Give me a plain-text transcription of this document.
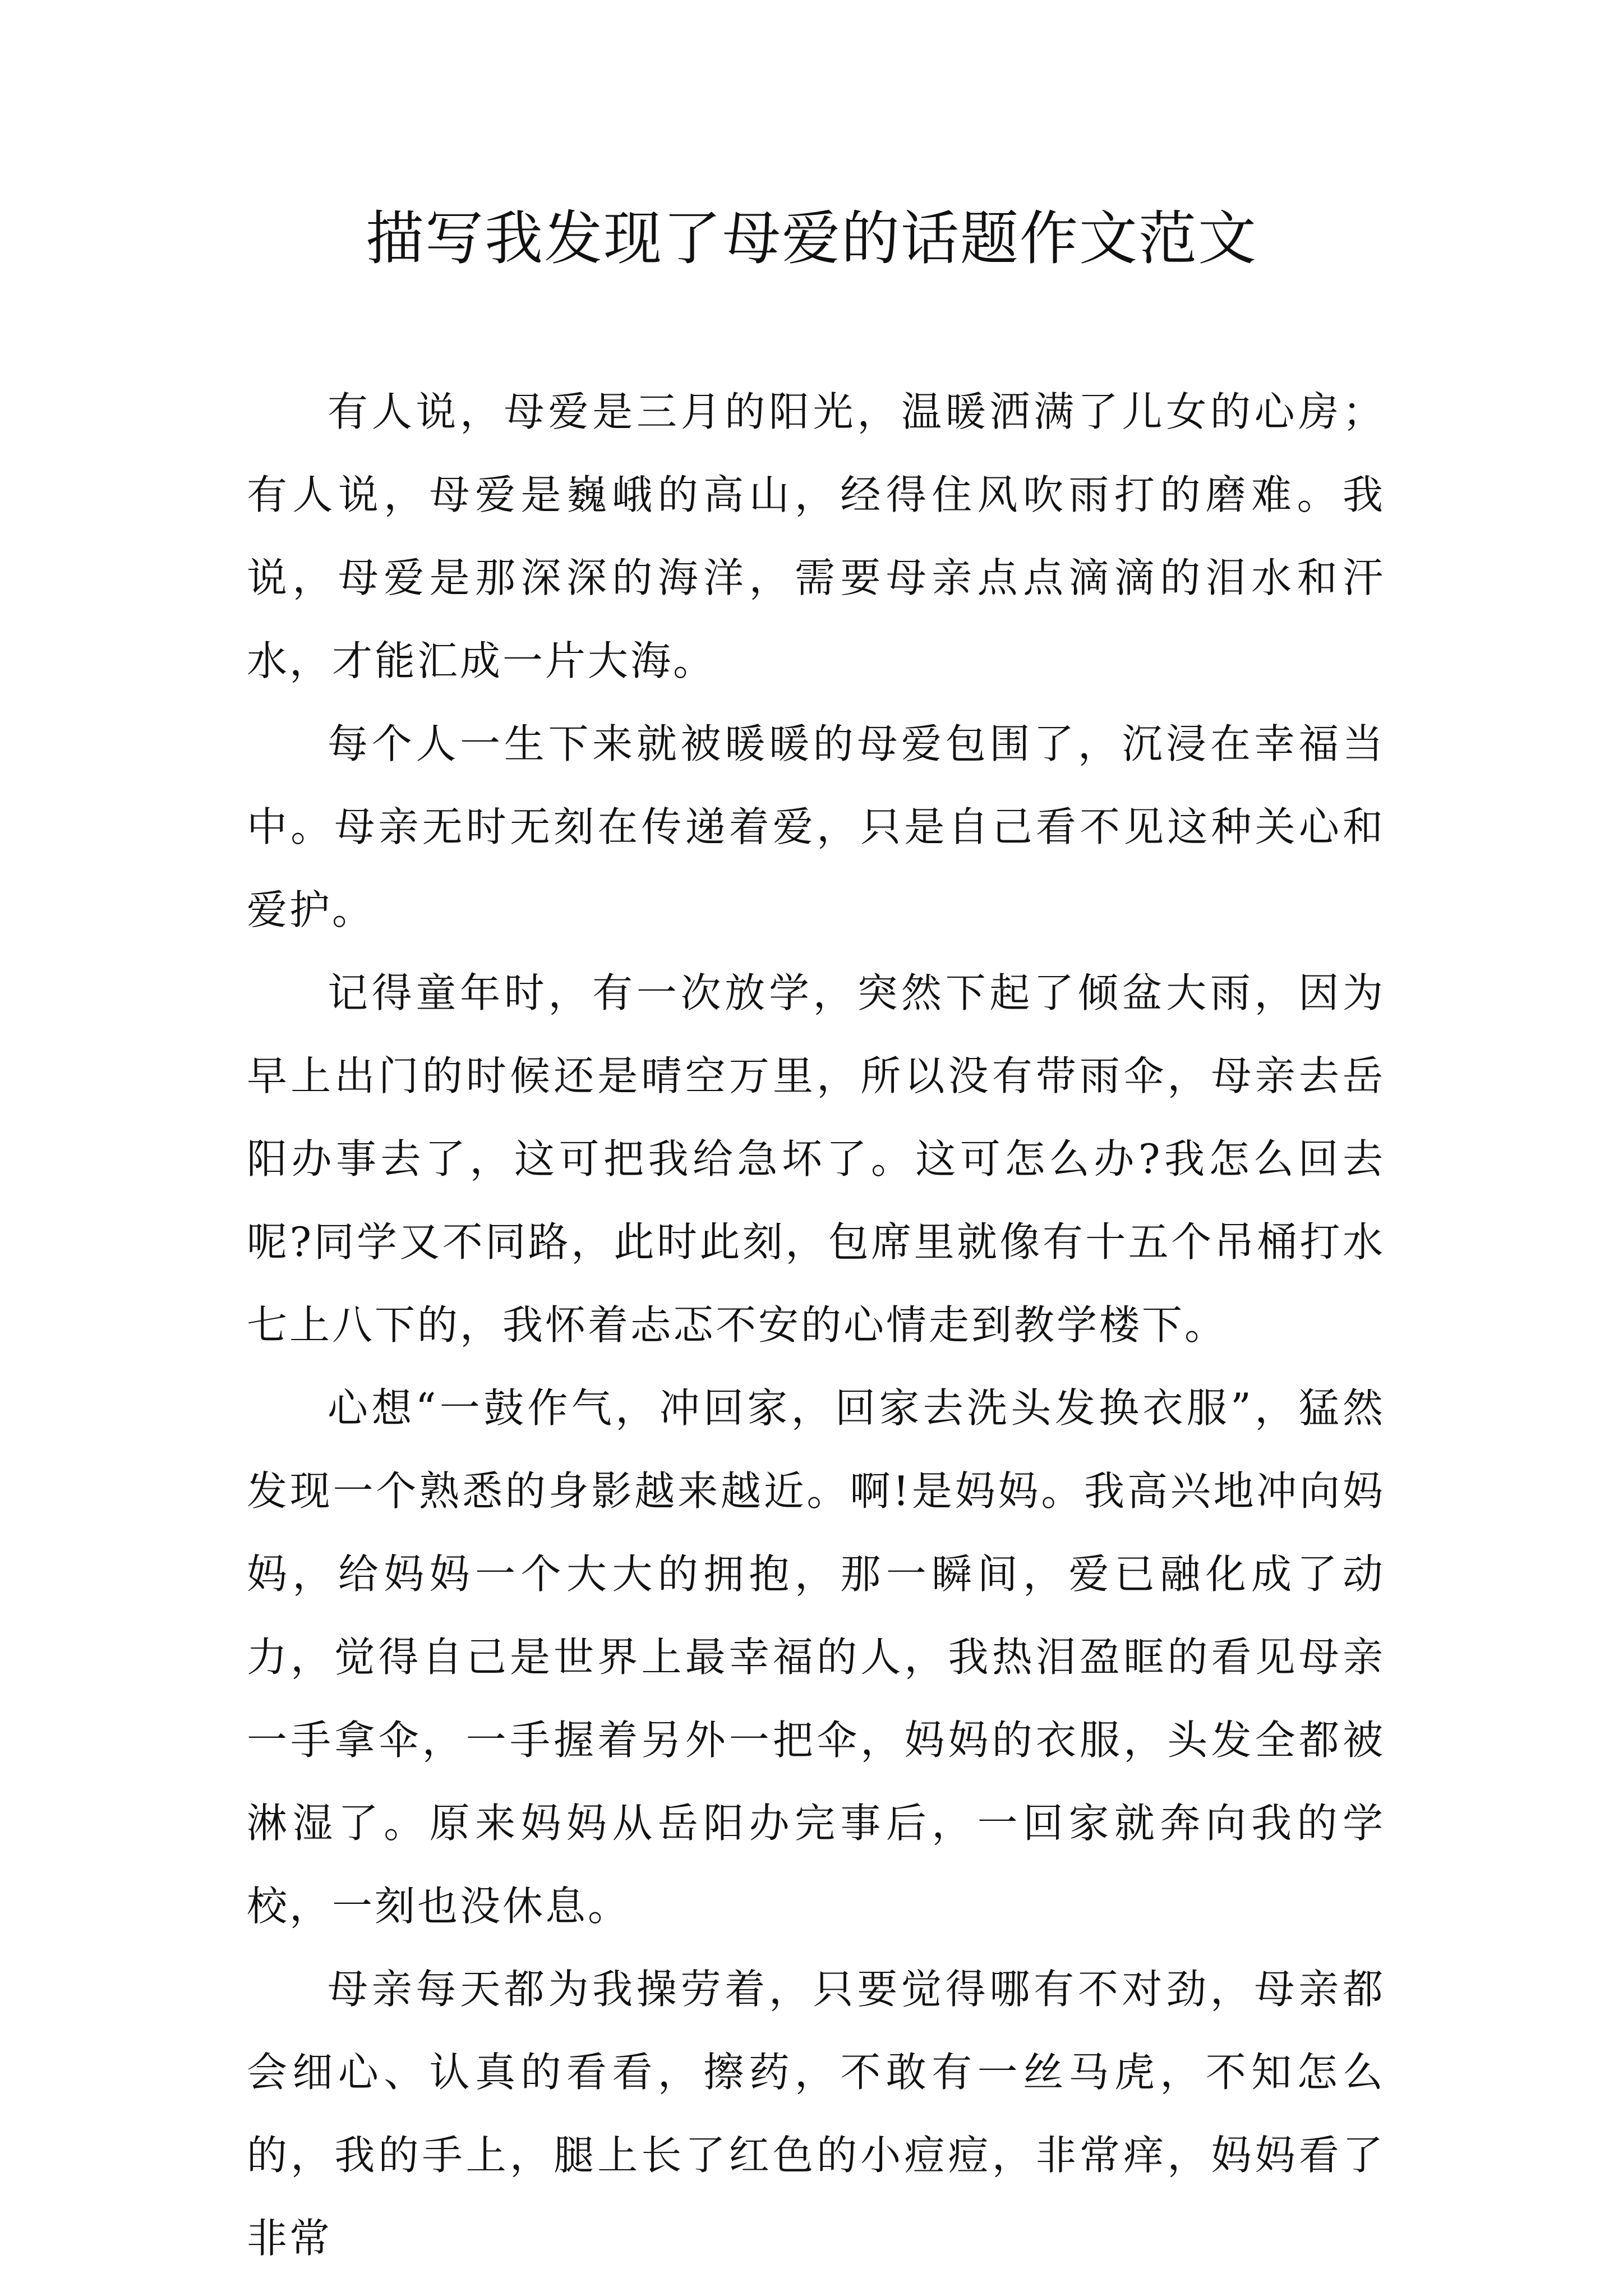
描写我发现了母爱的话题作文范文

有人说，母爱是三月的阳光，温暖洒满了儿女的心房；有人说，母爱是巍峨的高山，经得住风吹雨打的磨难。我说，母爱是那深深的海洋，需要母亲点点滴滴的泪水和汗水，才能汇成一片大海。

每个人一生下来就被暖暖的母爱包围了，沉浸在幸福当中。母亲无时无刻在传递着爱，只是自己看不见这种关心和爱护。

记得童年时，有一次放学，突然下起了倾盆大雨，因为早上出门的时候还是晴空万里，所以没有带雨伞，母亲去岳阳办事去了，这可把我给急坏了。这可怎么办?我怎么回去呢?同学又不同路，此时此刻，包席里就像有十五个吊桶打水七上八下的，我怀着忐忑不安的心情走到教学楼下。

心想“一鼓作气，冲回家，回家去洗头发换衣服”，猛然发现一个熟悉的身影越来越近。啊!是妈妈。我高兴地冲向妈妈，给妈妈一个大大的拥抱，那一瞬间，爱已融化成了动力，觉得自己是世界上最幸福的人，我热泪盈眶的看见母亲一手拿伞，一手握着另外一把伞，妈妈的衣服，头发全都被淋湿了。原来妈妈从岳阳办完事后，一回家就奔向我的学校，一刻也没休息。

母亲每天都为我操劳着，只要觉得哪有不对劲，母亲都会细心、认真的看看，擦药，不敢有一丝马虎，不知怎么的，我的手上，腿上长了红色的小痘痘，非常痒，妈妈看了非常
